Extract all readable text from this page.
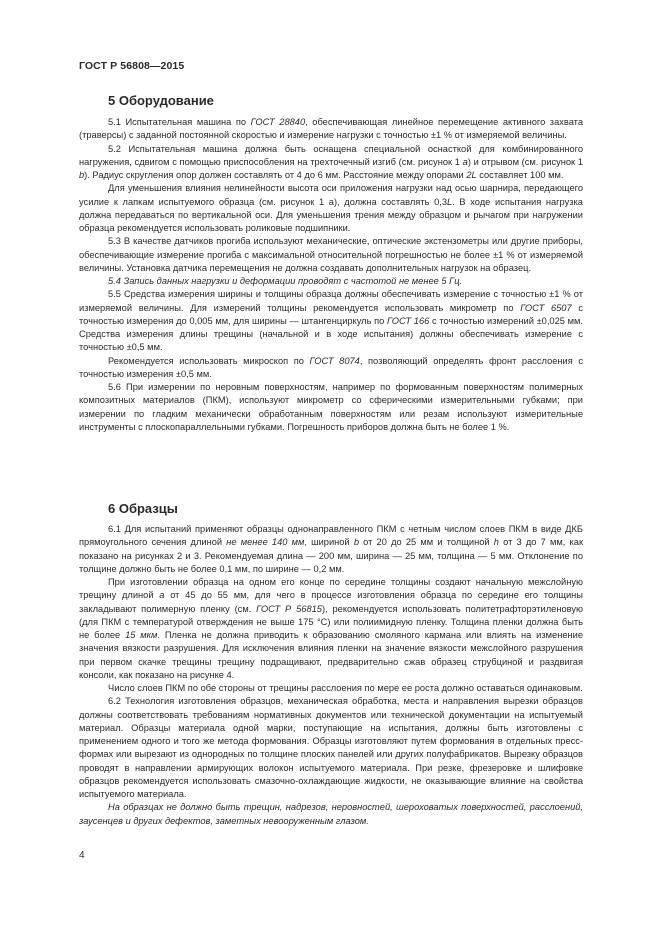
ГОСТ Р 56808—2015
5 Оборудование

5.1 Испытательная машина по ГОСТ 28840, обеспечивающая линейное перемещение активного захвата (траверсы) с заданной постоянной скоростью и измерение нагрузки с точностью ±1 % от измеряемой величины.

5.2 Испытательная машина должна быть оснащена специальной оснасткой для комбинированного нагружения, сдвигом с помощью приспособления на трехточечный изгиб (см. рисунок 1 а) и отрывом (см. рисунок 1 b). Радиус скругления опор должен составлять от 4 до 6 мм. Расстояние между опорами 2L составляет 100 мм.

Для уменьшения влияния нелинейности высота оси приложения нагрузки над осью шарнира, передающего усилие к лапкам испытуемого образца (см. рисунок 1 а), должна составлять 0,3L. В ходе испытания нагрузка должна передаваться по вертикальной оси. Для уменьшения трения между образцом и рычагом при нагружении образца рекомендуется использовать роликовые подшипники.

5.3 В качестве датчиков прогиба используют механические, оптические экстензометры или другие приборы, обеспечивающие измерение прогиба с максимальной относительной погрешностью не более ±1 % от измеряемой величины. Установка датчика перемещения не должна создавать дополнительных нагрузок на образец.

5.4 Запись данных нагрузки и деформации проводят с частотой не менее 5 Гц.

5.5 Средства измерения ширины и толщины образца должны обеспечивать измерение с точностью ±1 % от измеряемой величины. Для измерений толщины рекомендуется использовать микрометр по ГОСТ 6507 с точностью измерения до 0,005 мм, для ширины — штангенциркуль по ГОСТ 166 с точностью измерений ±0,025 мм. Средства измерения длины трещины (начальной и в ходе испытания) должны обеспечивать измерение с точностью ±0,5 мм.

Рекомендуется использовать микроскоп по ГОСТ 8074, позволяющий определять фронт расслоения с точностью измерения ±0,5 мм.

5.6 При измерении по неровным поверхностям, например по формованным поверхностям полимерных композитных материалов (ПКМ), используют микрометр со сферическими измерительными губками; при измерении по гладким механически обработанным поверхностям или резам используют измерительные инструменты с плоскопараллельными губками. Погрешность приборов должна быть не более 1 %.

6 Образцы

6.1 Для испытаний применяют образцы однонаправленного ПКМ с четным числом слоев ПКМ в виде ДКБ прямоугольного сечения длиной не менее 140 мм, шириной b от 20 до 25 мм и толщиной h от 3 до 7 мм, как показано на рисунках 2 и 3. Рекомендуемая длина — 200 мм, ширина — 25 мм, толщина — 5 мм. Отклонение по толщине должно быть не более 0,1 мм, по ширине — 0,2 мм.

При изготовлении образца на одном его конце по середине толщины создают начальную межслойную трещину длиной а от 45 до 55 мм, для чего в процессе изготовления образца по середине его толщины закладывают полимерную пленку (см. ГОСТ Р 56815), рекомендуется использовать политетрафторэтиленовую (для ПКМ с температурой отверждения не выше 175 °С) или полиимидную пленку. Толщина пленки должна быть не более 15 мкм. Пленка не должна приводить к образованию смоляного кармана или влиять на изменение значения вязкости разрушения. Для исключения влияния пленки на значение вязкости межслойного разрушения при первом скачке трещины трещину подращивают, предварительно сжав образец струбциной и раздвигая консоли, как показано на рисунке 4.

Число слоев ПКМ по обе стороны от трещины расслоения по мере ее роста должно оставаться одинаковым.

6.2 Технология изготовления образцов, механическая обработка, места и направления вырезки образцов должны соответствовать требованиям нормативных документов или технической документации на испытуемый материал. Образцы материала одной марки, поступающие на испытания, должны быть изготовлены с применением одного и того же метода формования. Образцы изготовляют путем формования в отдельных пресс-формах или вырезают из однородных по толщине плоских панелей или других полуфабрикатов. Вырезку образцов проводят в направлении армирующих волокон испытуемого материала. При резке, фрезеровке и шлифовке образцов рекомендуется использовать смазочно-охлаждающие жидкости, не оказывающие влияние на свойства испытуемого материала.

На образцах не должно быть трещин, надрезов, неровностей, шероховатых поверхностей, расслоений, заусенцев и других дефектов, заметных невооруженным глазом.

4
